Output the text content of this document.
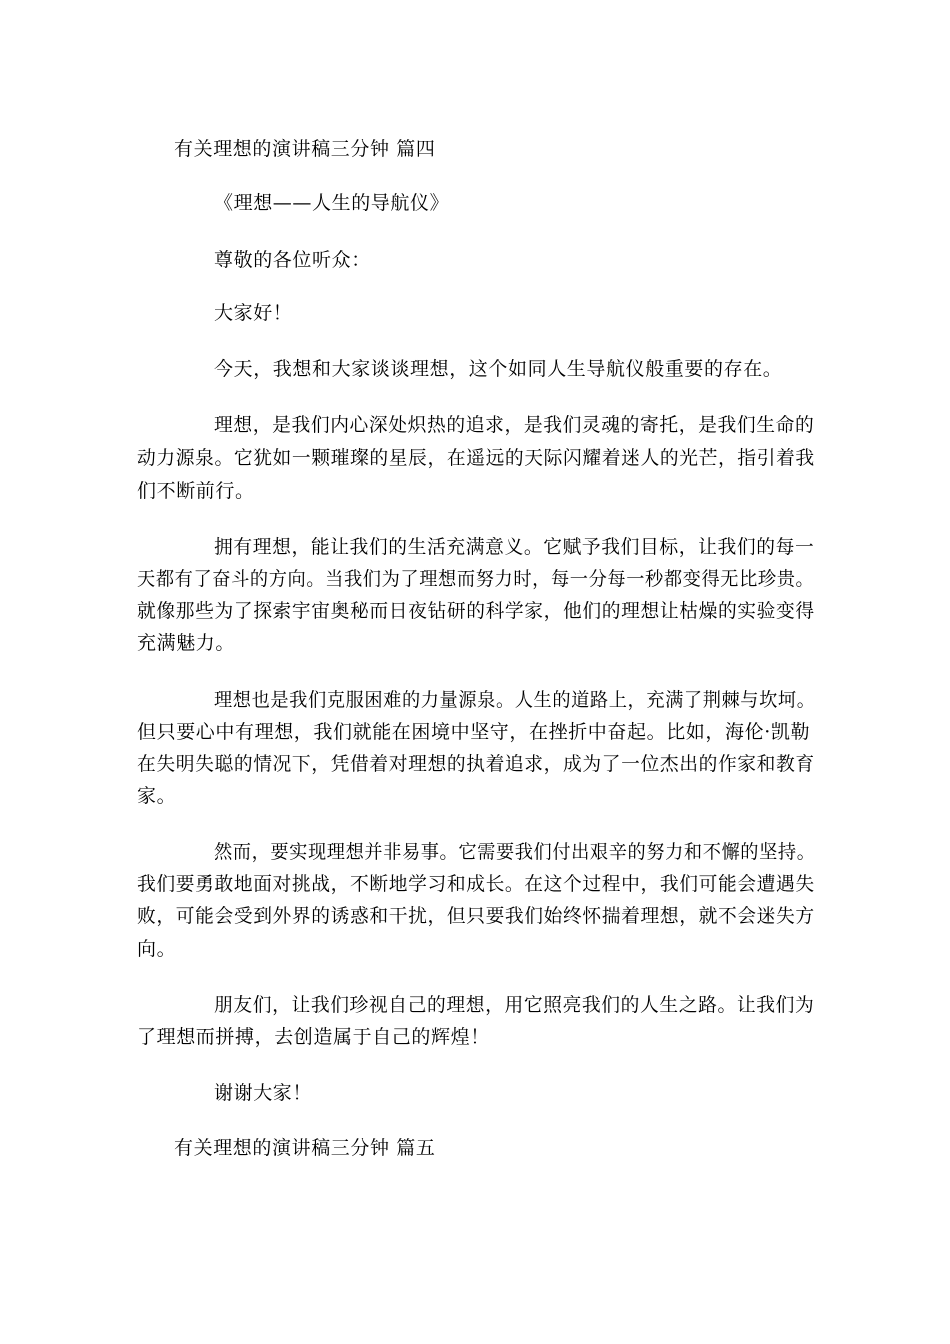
有关理想的演讲稿三分钟 篇四
《理想——人生的导航仪》
尊敬的各位听众：
大家好！
今天，我想和大家谈谈理想，这个如同人生导航仪般重要的存在。
理想，是我们内心深处炽热的追求，是我们灵魂的寄托，是我们生命的
动力源泉。它犹如一颗璀璨的星辰，在遥远的天际闪耀着迷人的光芒，指引着我
们不断前行。
拥有理想，能让我们的生活充满意义。它赋予我们目标，让我们的每一
天都有了奋斗的方向。当我们为了理想而努力时，每一分每一秒都变得无比珍贵。
就像那些为了探索宇宙奥秘而日夜钻研的科学家，他们的理想让枯燥的实验变得
充满魅力。
理想也是我们克服困难的力量源泉。人生的道路上，充满了荆棘与坎坷。
但只要心中有理想，我们就能在困境中坚守，在挫折中奋起。比如，海伦·凯勒
在失明失聪的情况下，凭借着对理想的执着追求，成为了一位杰出的作家和教育
家。
然而，要实现理想并非易事。它需要我们付出艰辛的努力和不懈的坚持。
我们要勇敢地面对挑战，不断地学习和成长。在这个过程中，我们可能会遭遇失
败，可能会受到外界的诱惑和干扰，但只要我们始终怀揣着理想，就不会迷失方
向。
朋友们，让我们珍视自己的理想，用它照亮我们的人生之路。让我们为
了理想而拼搏，去创造属于自己的辉煌！
谢谢大家！
有关理想的演讲稿三分钟 篇五
